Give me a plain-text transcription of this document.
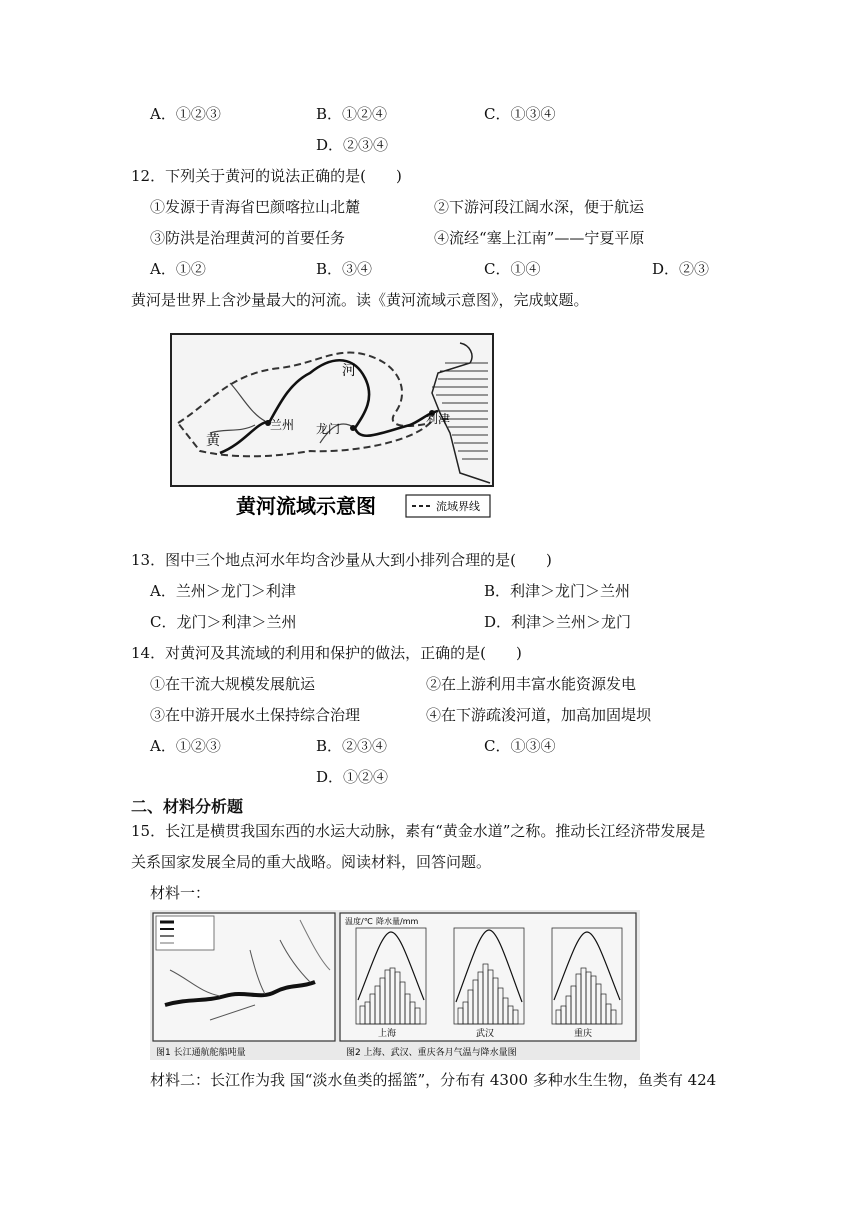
A．①②③	B．①②④	C．①③④
D．②③④
12．下列关于黄河的说法正确的是(　　)
①发源于青海省巴颜喀拉山北麓	②下游河段江阔水深，便于航运
③防洪是治理黄河的首要任务	④流经“塞上江南”——宁夏平原
A．①②	B．③④	C．①④	D．②③
黄河是世界上含沙量最大的河流。读《黄河流域示意图》，完成蚊题。
黄
河
兰州 龙门
利津
黄河流域示意图	流域界线
13．图中三个地点河水年均含沙量从大到小排列合理的是(　　)
A．兰州＞龙门＞利津	B．利津＞龙门＞兰州
C．龙门＞利津＞兰州	D．利津＞兰州＞龙门
14．对黄河及其流域的利用和保护的做法，正确的是(　　)
①在干流大规模发展航运	②在上游利用丰富水能资源发电
③在中游开展水土保持综合治理	④在下游疏浚河道，加高加固堤坝
A．①②③	B．②③④	C．①③④
D．①②④
二、材料分析题
15．长江是横贯我国东西的水运大动脉，素有“黄金水道”之称。推动长江经济带发展是
关系国家发展全局的重大战略。阅读材料，回答问题。
材料一：
图1 长江通航舵船吨量
温度/℃ 降水量/mm
上海	武汉	重庆
图2 上海、武汉、重庆各月气温与降水量图
材料二：长江作为我 国“淡水鱼类的摇篮”，分布有 4300 多种水生生物，鱼类有 424
